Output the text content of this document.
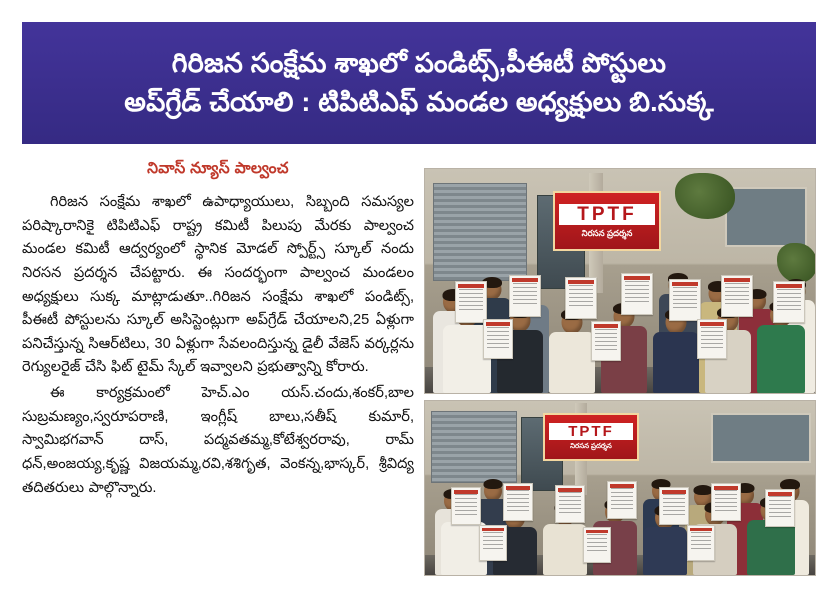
గిరిజన సంక్షేమ శాఖలో పండిట్స్,పీఈటీ పోస్టులు
అప్‌గ్రేడ్ చేయాలి : టిపిటిఎఫ్ మండల అధ్యక్షులు బి.సుక్క
నివాస్ న్యూస్ పాల్వంచ
గిరిజన సంక్షేమ శాఖలో ఉపాధ్యాయులు, సిబ్బంది సమస్యల పరిష్కారానికై టిపిటిఎఫ్ రాష్ట్ర కమిటీ పిలుపు మేరకు పాల్వంచ మండల కమిటీ ఆద్వర్యంలో స్థానిక మోడల్ స్పోర్ట్స్ స్కూల్ నందు నిరసన ప్రదర్శన చేపట్టారు. ఈ సందర్భంగా పాల్వంచ మండలం అధ్యక్షులు సుక్క మాట్లాడుతూ..గిరిజన సంక్షేమ శాఖలో పండిట్స్, పీఈటీ పోస్టులను స్కూల్ అసిస్టెంట్లుగా అప్‌గ్రేడ్ చేయాలని,25 ఏళ్లుగా పనిచేస్తున్న సిఆర్‌టిలు, 30 ఏళ్లుగా సేవలందిస్తున్న డైలీ వేజెస్ వర్కర్లను రెగ్యులరైజ్ చేసి ఫిట్ టైమ్ స్కేల్ ఇవ్వాలని ప్రభుత్వాన్ని కోరారు.
ఈ కార్యక్రమంలో హెచ్.ఎం యస్.చందు,శంకర్,బాల సుబ్రమణ్యం,స్వరూపరాణి, ఇంగ్లీష్ బాలు,సతీష్ కుమార్, స్వామిభగవాన్ దాస్, పద్మవతమ్మ,కోటేశ్వరరావు, రామ్ ధన్,అంజయ్య,కృష్ణ విజయమ్మ,రవి,శశిగృత, వెంకన్న,భాస్కర్, శ్రీవిద్య తదితరులు పాల్గొన్నారు.
TPTF
నిరసన ప్రదర్శన
TPTF
నిరసన ప్రదర్శన
